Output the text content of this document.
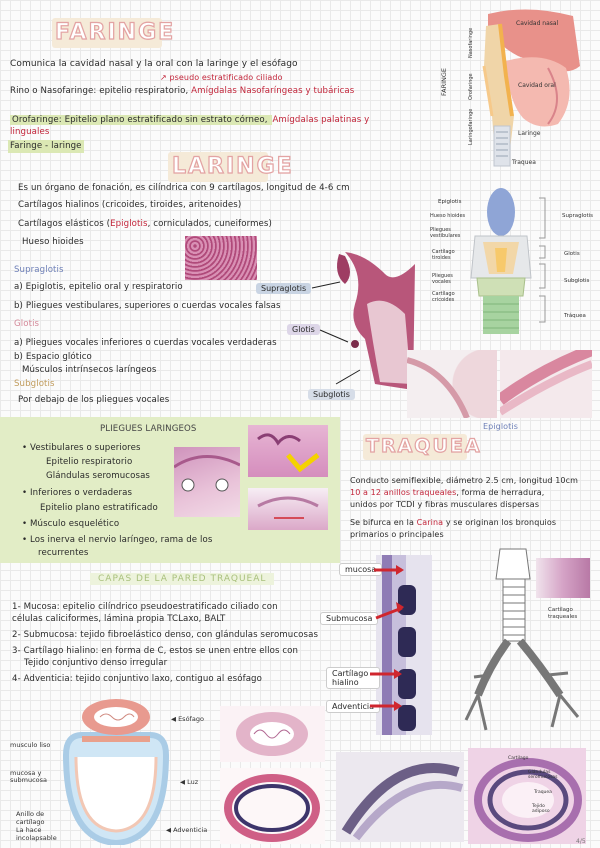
FARINGE
Comunica la cavidad nasal y la oral con la laringe y el esófago
↗ pseudo estratificado ciliado
Rino o Nasofaringe: epitelio respiratorio, Amígdalas Nasofaríngeas y tubáricas
Orofaringe: Epitelio plano estratificado sin estrato córneo, Amígdalas palatinas y
linguales
Faringe - laringe
Cavidad nasal
Cavidad oral
Laringe
Traquea
FARINGE
Nasofaringe
Orofaringe
Laringofaringe
LARINGE
Es un órgano de fonación, es cilíndrica con 9 cartílagos, longitud de 4-6 cm
Cartílagos hialinos (cricoides, tiroides, aritenoides)
Cartílagos elásticos (Epiglotis, corniculados, cuneiformes)
Hueso hioides
Supraglotis
a) Epiglotis, epitelio oral y respiratorio
b) Pliegues vestibulares, superiores o cuerdas vocales falsas
Glotis
a) Pliegues vocales inferiores o cuerdas vocales verdaderas
b) Espacio glótico
Músculos intrínsecos laríngeos
Subglotis
Por debajo de los pliegues vocales
Supraglotis
Glotis
Subglotis
Epiglotis
Hueso hioides
Pliegues vestibulares
Cartílago tiroides
Pliegues vocales
Cartílago cricoides
Supraglotis
Glotis
Subglotis
Tráquea
Epiglotis
PLIEGUES LARINGEOS
• Vestibulares o superiores
Epitelio respiratorio
Glándulas seromucosas
• Inferiores o verdaderas
Epitelio plano estratificado
• Músculo esquelético
• Los inerva el nervio laríngeo, rama de los
recurrentes
TRAQUEA
Conducto semiflexible, diámetro 2.5 cm, longitud 10cm
10 a 12 anillos traqueales, forma de herradura,
unidos por TCDI y fibras musculares dispersas
Se bifurca en la Carina y se originan los bronquios
primarios o principales
Cartílago traqueales
CAPAS DE LA PARED TRAQUEAL
1- Mucosa: epitelio cilíndrico pseudoestratificado ciliado con
células caliciformes, lámina propia TCLaxo, BALT
2- Submucosa: tejido fibroelástico denso, con glándulas seromucosas
3- Cartílago hialino: en forma de C, estos se unen entre ellos con
Tejido conjuntivo denso irregular
4- Adventicia: tejido conjuntivo laxo, contiguo al esófago
mucosa
Submucosa
Cartílago hialino
Adventicia
◀ Esófago
musculo liso
mucosa y submucosa	◀ Luz
Anillo de cartílago
La hace incolapsable
◀ Adventicia
Cartilago
Glándulas seromucosas
Traquea
Tejido adiposo
4/5
